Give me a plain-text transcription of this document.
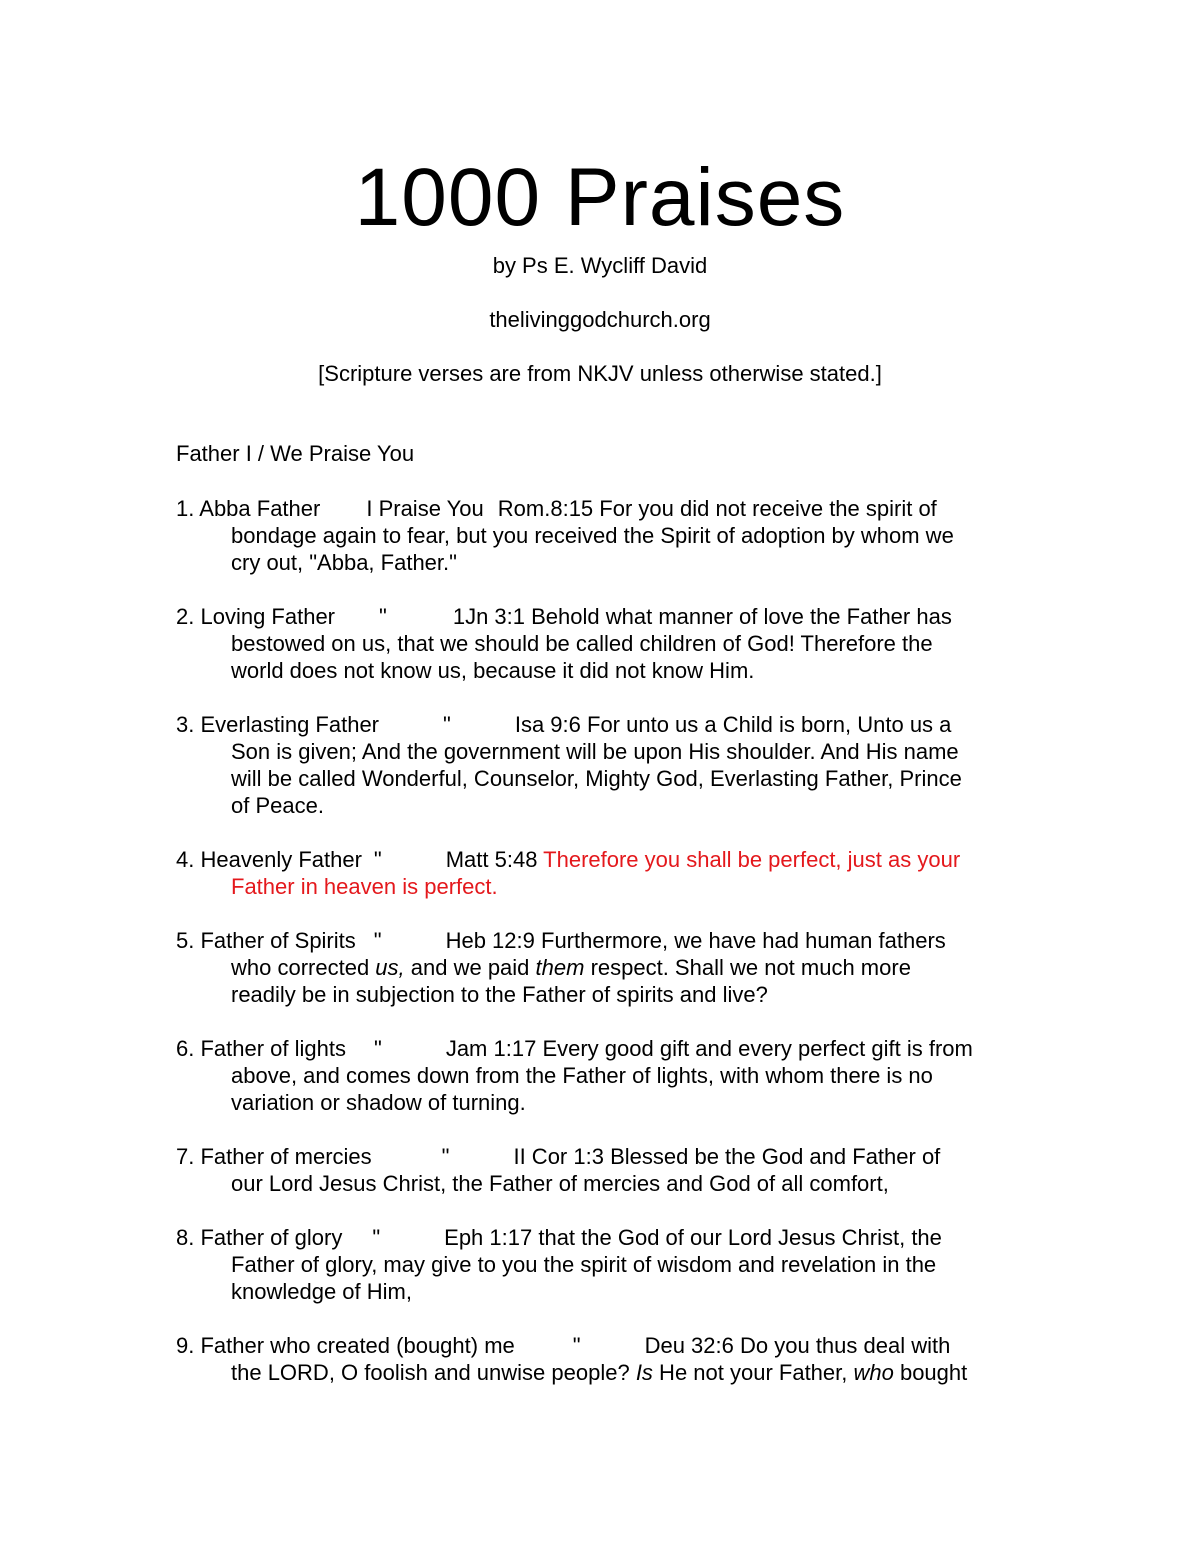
1000 Praises
by Ps E. Wycliff David
thelivinggodchurch.org
[Scripture verses are from NKJV unless otherwise stated.]
Father I / We Praise You
1. Abba Father I Praise You Rom.8:15 For you did not receive the spirit of
bondage again to fear, but you received the Spirit of adoption by whom we
cry out, "Abba, Father."
2. Loving Father "	1Jn 3:1 Behold what manner of love the Father has
bestowed on us, that we should be called children of God! Therefore the
world does not know us, because it did not know Him.
3. Everlasting Father	"	Isa 9:6 For unto us a Child is born, Unto us a
Son is given; And the government will be upon His shoulder. And His name
will be called Wonderful, Counselor, Mighty God, Everlasting Father, Prince
of Peace.
4. Heavenly Father "	Matt 5:48 Therefore you shall be perfect, just as your
Father in heaven is perfect.
5. Father of Spirits "	Heb 12:9 Furthermore, we have had human fathers
who corrected us, and we paid them respect. Shall we not much more
readily be in subjection to the Father of spirits and live?
6. Father of lights "	Jam 1:17 Every good gift and every perfect gift is from
above, and comes down from the Father of lights, with whom there is no
variation or shadow of turning.
7. Father of mercies	"	II Cor 1:3 Blessed be the God and Father of
our Lord Jesus Christ, the Father of mercies and God of all comfort,
8. Father of glory "	Eph 1:17 that the God of our Lord Jesus Christ, the
Father of glory, may give to you the spirit of wisdom and revelation in the
knowledge of Him,
9. Father who created (bought) me	"	Deu 32:6 Do you thus deal with
the LORD, O foolish and unwise people? Is He not your Father, who bought
